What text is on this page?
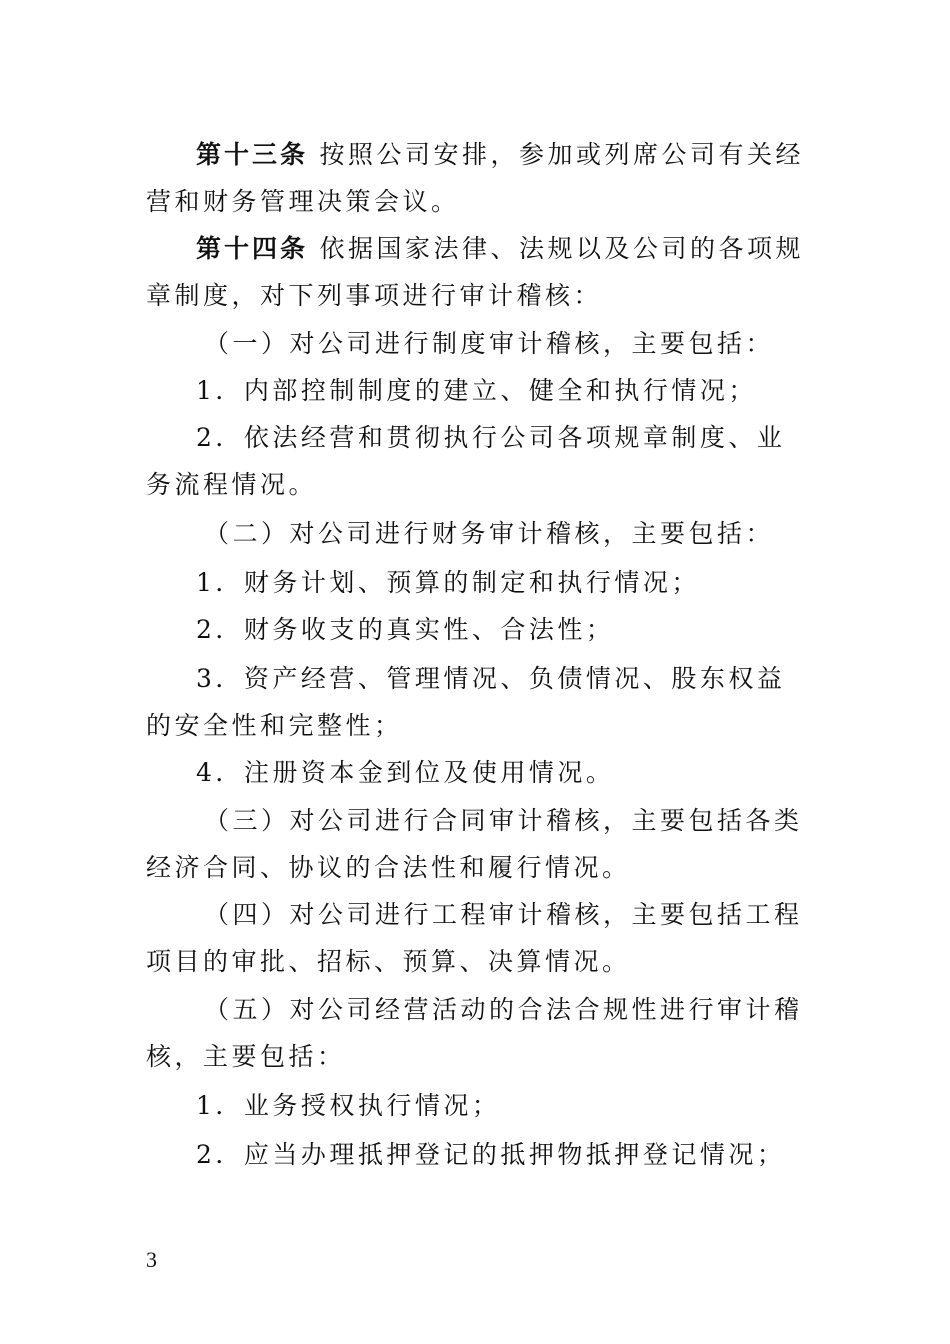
第十三条 按照公司安排，参加或列席公司有关经营和财务管理决策会议。
第十四条 依据国家法律、法规以及公司的各项规章制度，对下列事项进行审计稽核：
（一）对公司进行制度审计稽核，主要包括：
1．内部控制制度的建立、健全和执行情况；
2．依法经营和贯彻执行公司各项规章制度、业务流程情况。
（二）对公司进行财务审计稽核，主要包括：
1．财务计划、预算的制定和执行情况；
2．财务收支的真实性、合法性；
3．资产经营、管理情况、负债情况、股东权益的安全性和完整性；
4．注册资本金到位及使用情况。
（三）对公司进行合同审计稽核，主要包括各类经济合同、协议的合法性和履行情况。
（四）对公司进行工程审计稽核，主要包括工程项目的审批、招标、预算、决算情况。
（五）对公司经营活动的合法合规性进行审计稽核，主要包括：
1．业务授权执行情况；
2．应当办理抵押登记的抵押物抵押登记情况；
3
